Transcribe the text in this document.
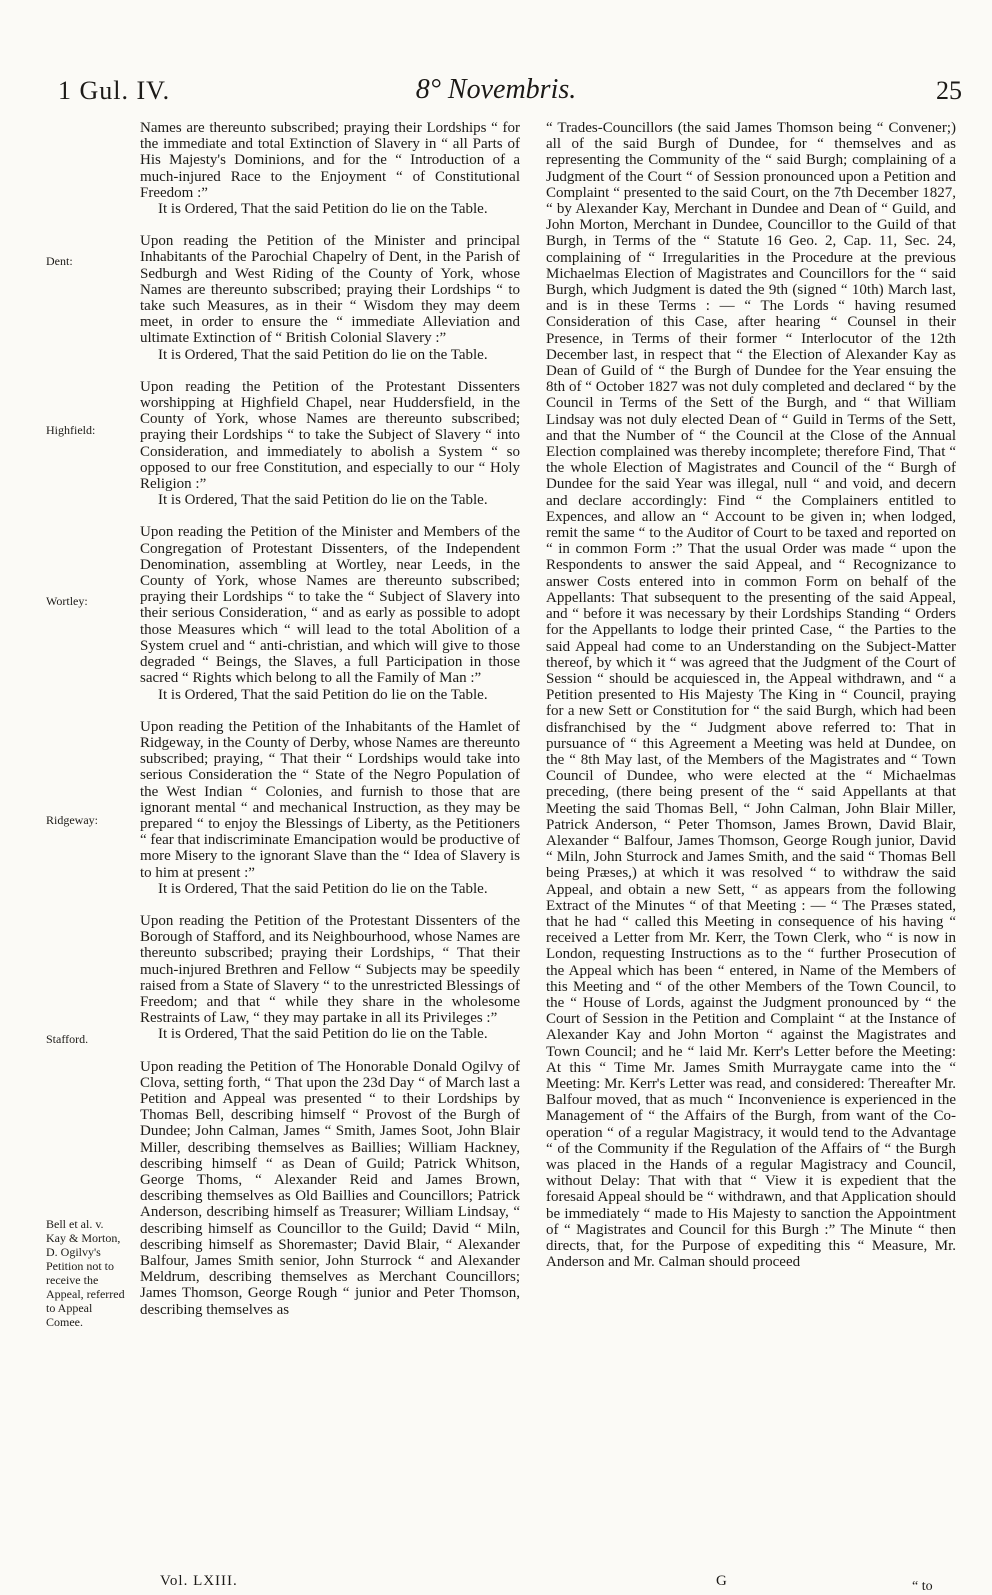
1 Gul. IV.	8° Novembris.	25
Dent:
Highfield:
Wortley:
Ridgeway:
Stafford.
Bell et al. v. Kay & Morton, D. Ogilvy's Petition not to receive the Appeal, referred to Appeal Comee.

Names are thereunto subscribed; praying their Lordships “ for the immediate and total Extinction of Slavery in “ all Parts of His Majesty's Dominions, and for the “ Introduction of a much-injured Race to the Enjoyment “ of Constitutional Freedom :”

It is Ordered, That the said Petition do lie on the Table.

Upon reading the Petition of the Minister and principal Inhabitants of the Parochial Chapelry of Dent, in the Parish of Sedburgh and West Riding of the County of York, whose Names are thereunto subscribed; praying their Lordships “ to take such Measures, as in their “ Wisdom they may deem meet, in order to ensure the “ immediate Alleviation and ultimate Extinction of “ British Colonial Slavery :”

It is Ordered, That the said Petition do lie on the Table.

Upon reading the Petition of the Protestant Dissenters worshipping at Highfield Chapel, near Huddersfield, in the County of York, whose Names are thereunto subscribed; praying their Lordships “ to take the Subject of Slavery “ into Consideration, and immediately to abolish a System “ so opposed to our free Constitution, and especially to our “ Holy Religion :”

It is Ordered, That the said Petition do lie on the Table.

Upon reading the Petition of the Minister and Members of the Congregation of Protestant Dissenters, of the Independent Denomination, assembling at Wortley, near Leeds, in the County of York, whose Names are thereunto subscribed; praying their Lordships “ to take the “ Subject of Slavery into their serious Consideration, “ and as early as possible to adopt those Measures which “ will lead to the total Abolition of a System cruel and “ anti-christian, and which will give to those degraded “ Beings, the Slaves, a full Participation in those sacred “ Rights which belong to all the Family of Man :”

It is Ordered, That the said Petition do lie on the Table.

Upon reading the Petition of the Inhabitants of the Hamlet of Ridgeway, in the County of Derby, whose Names are thereunto subscribed; praying, “ That their “ Lordships would take into serious Consideration the “ State of the Negro Population of the West Indian “ Colonies, and furnish to those that are ignorant mental “ and mechanical Instruction, as they may be prepared “ to enjoy the Blessings of Liberty, as the Petitioners “ fear that indiscriminate Emancipation would be productive of more Misery to the ignorant Slave than the “ Idea of Slavery is to him at present :”

It is Ordered, That the said Petition do lie on the Table.

Upon reading the Petition of the Protestant Dissenters of the Borough of Stafford, and its Neighbourhood, whose Names are thereunto subscribed; praying their Lordships, “ That their much-injured Brethren and Fellow “ Subjects may be speedily raised from a State of Slavery “ to the unrestricted Blessings of Freedom; and that “ while they share in the wholesome Restraints of Law, “ they may partake in all its Privileges :”

It is Ordered, That the said Petition do lie on the Table.

Upon reading the Petition of The Honorable Donald Ogilvy of Clova, setting forth, “ That upon the 23d Day “ of March last a Petition and Appeal was presented “ to their Lordships by Thomas Bell, describing himself “ Provost of the Burgh of Dundee; John Calman, James “ Smith, James Soot, John Blair Miller, describing themselves as Baillies; William Hackney, describing himself “ as Dean of Guild; Patrick Whitson, George Thoms, “ Alexander Reid and James Brown, describing themselves as Old Baillies and Councillors; Patrick Anderson, describing himself as Treasurer; William Lindsay, “ describing himself as Councillor to the Guild; David “ Miln, describing himself as Shoremaster; David Blair, “ Alexander Balfour, James Smith senior, John Sturrock “ and Alexander Meldrum, describing themselves as Merchant Councillors; James Thomson, George Rough “ junior and Peter Thomson, describing themselves as

“ Trades-Councillors (the said James Thomson being “ Convener;) all of the said Burgh of Dundee, for “ themselves and as representing the Community of the “ said Burgh; complaining of a Judgment of the Court “ of Session pronounced upon a Petition and Complaint “ presented to the said Court, on the 7th December 1827, “ by Alexander Kay, Merchant in Dundee and Dean of “ Guild, and John Morton, Merchant in Dundee, Councillor to the Guild of that Burgh, in Terms of the “ Statute 16 Geo. 2, Cap. 11, Sec. 24, complaining of “ Irregularities in the Procedure at the previous Michaelmas Election of Magistrates and Councillors for the “ said Burgh, which Judgment is dated the 9th (signed “ 10th) March last, and is in these Terms : — “ The Lords “ having resumed Consideration of this Case, after hearing “ Counsel in their Presence, in Terms of their former “ Interlocutor of the 12th December last, in respect that “ the Election of Alexander Kay as Dean of Guild of “ the Burgh of Dundee for the Year ensuing the 8th of “ October 1827 was not duly completed and declared “ by the Council in Terms of the Sett of the Burgh, and “ that William Lindsay was not duly elected Dean of “ Guild in Terms of the Sett, and that the Number of “ the Council at the Close of the Annual Election complained was thereby incomplete; therefore Find, That “ the whole Election of Magistrates and Council of the “ Burgh of Dundee for the said Year was illegal, null “ and void, and decern and declare accordingly: Find “ the Complainers entitled to Expences, and allow an “ Account to be given in; when lodged, remit the same “ to the Auditor of Court to be taxed and reported on “ in common Form :” That the usual Order was made “ upon the Respondents to answer the said Appeal, and “ Recognizance to answer Costs entered into in common Form on behalf of the Appellants: That subsequent to the presenting of the said Appeal, and “ before it was necessary by their Lordships Standing “ Orders for the Appellants to lodge their printed Case, “ the Parties to the said Appeal had come to an Understanding on the Subject-Matter thereof, by which it “ was agreed that the Judgment of the Court of Session “ should be acquiesced in, the Appeal withdrawn, and “ a Petition presented to His Majesty The King in “ Council, praying for a new Sett or Constitution for “ the said Burgh, which had been disfranchised by the “ Judgment above referred to: That in pursuance of “ this Agreement a Meeting was held at Dundee, on the “ 8th May last, of the Members of the Magistrates and “ Town Council of Dundee, who were elected at the “ Michaelmas preceding, (there being present of the “ said Appellants at that Meeting the said Thomas Bell, “ John Calman, John Blair Miller, Patrick Anderson, “ Peter Thomson, James Brown, David Blair, Alexander “ Balfour, James Thomson, George Rough junior, David “ Miln, John Sturrock and James Smith, and the said “ Thomas Bell being Præses,) at which it was resolved “ to withdraw the said Appeal, and obtain a new Sett, “ as appears from the following Extract of the Minutes “ of that Meeting : — “ The Præses stated, that he had “ called this Meeting in consequence of his having “ received a Letter from Mr. Kerr, the Town Clerk, who “ is now in London, requesting Instructions as to the “ further Prosecution of the Appeal which has been “ entered, in Name of the Members of this Meeting and “ of the other Members of the Town Council, to the “ House of Lords, against the Judgment pronounced by “ the Court of Session in the Petition and Complaint “ at the Instance of Alexander Kay and John Morton “ against the Magistrates and Town Council; and he “ laid Mr. Kerr's Letter before the Meeting: At this “ Time Mr. James Smith Murraygate came into the “ Meeting: Mr. Kerr's Letter was read, and considered: Thereafter Mr. Balfour moved, that as much “ Inconvenience is experienced in the Management of “ the Affairs of the Burgh, from want of the Co-operation “ of a regular Magistracy, it would tend to the Advantage “ of the Community if the Regulation of the Affairs of “ the Burgh was placed in the Hands of a regular Magistracy and Council, without Delay: That with that “ View it is expedient that the foresaid Appeal should be “ withdrawn, and that Application should be immediately “ made to His Majesty to sanction the Appointment of “ Magistrates and Council for this Burgh :” The Minute “ then directs, that, for the Purpose of expediting this “ Measure, Mr. Anderson and Mr. Calman should proceed

Vol. LXIII.	G	“ to
